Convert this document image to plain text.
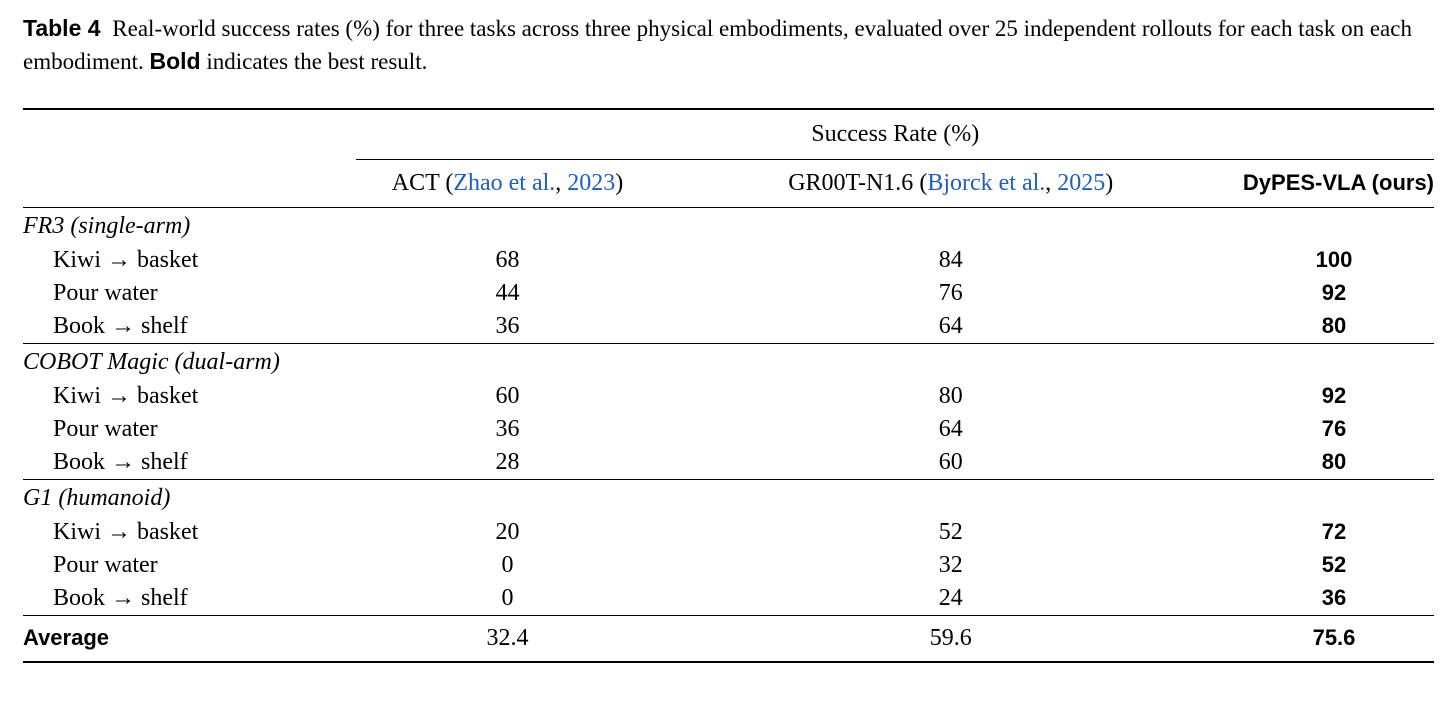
Table 4 Real-world success rates (%) for three tasks across three physical embodiments, evaluated over 25 independent rollouts for each task on each embodiment. Bold indicates the best result.

	Success Rate (%)		

	ACT (Zhao et al., 2023)	GR00T-N1.6 (Bjorck et al., 2025)	DyPES-VLA (ours)
FR3 (single-arm)			
Kiwi → basket	68	84	100
Pour water	44	76	92
Book → shelf	36	64	80
COBOT Magic (dual-arm)			
Kiwi → basket	60	80	92
Pour water	36	64	76
Book → shelf	28	60	80
G1 (humanoid)			
Kiwi → basket	20	52	72
Pour water	0	32	52
Book → shelf	0	24	36
Average	32.4	59.6	75.6
